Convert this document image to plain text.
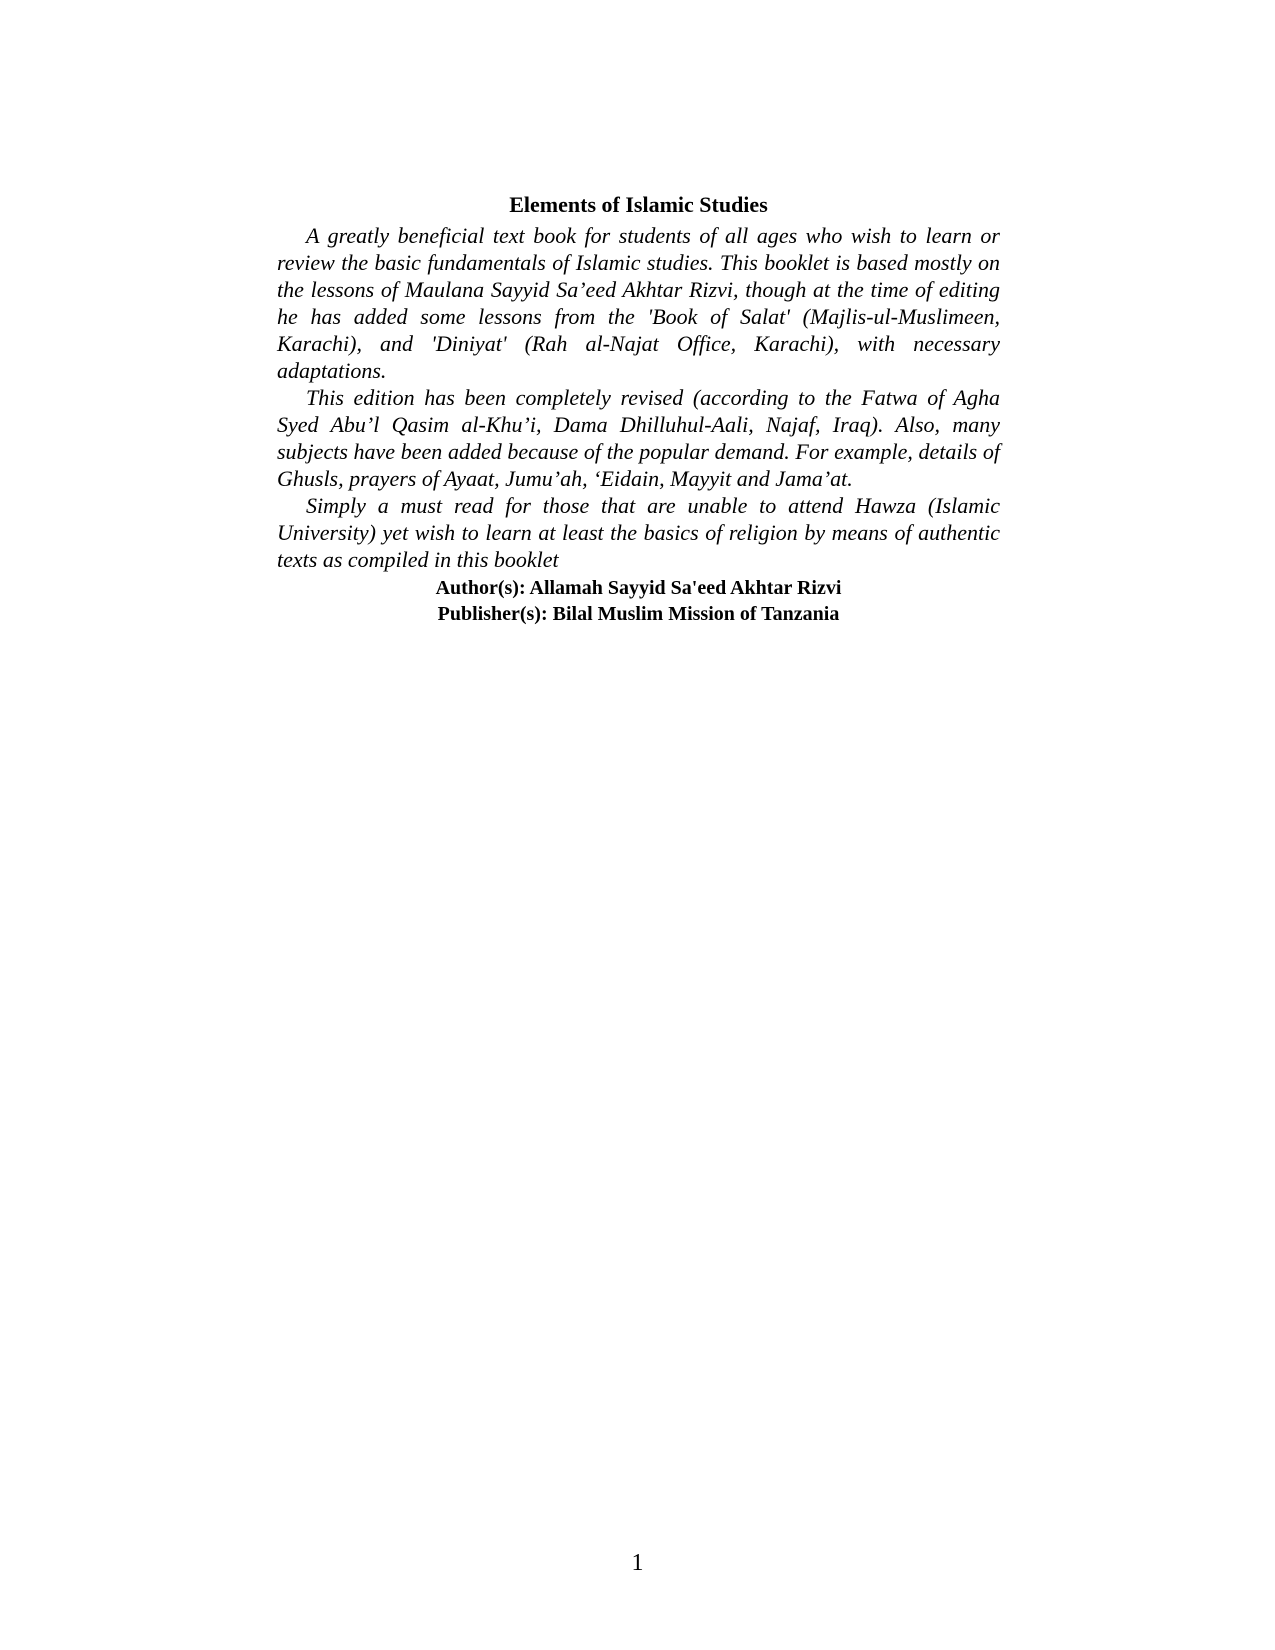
Elements of Islamic Studies

A greatly beneficial text book for students of all ages who wish to learn or review the basic fundamentals of Islamic studies. This booklet is based mostly on the lessons of Maulana Sayyid Sa’eed Akhtar Rizvi, though at the time of editing he has added some lessons from the 'Book of Salat' (Majlis-ul-Muslimeen, Karachi), and 'Diniyat' (Rah al-Najat Office, Karachi), with necessary adaptations.

This edition has been completely revised (according to the Fatwa of Agha Syed Abu’l Qasim al-Khu’i, Dama Dhilluhul-Aali, Najaf, Iraq). Also, many subjects have been added because of the popular demand. For example, details of Ghusls, prayers of Ayaat, Jumu’ah, ‘Eidain, Mayyit and Jama’at.

Simply a must read for those that are unable to attend Hawza (Islamic University) yet wish to learn at least the basics of religion by means of authentic texts as compiled in this booklet

Author(s): Allamah Sayyid Sa'eed Akhtar Rizvi

Publisher(s): Bilal Muslim Mission of Tanzania

1
